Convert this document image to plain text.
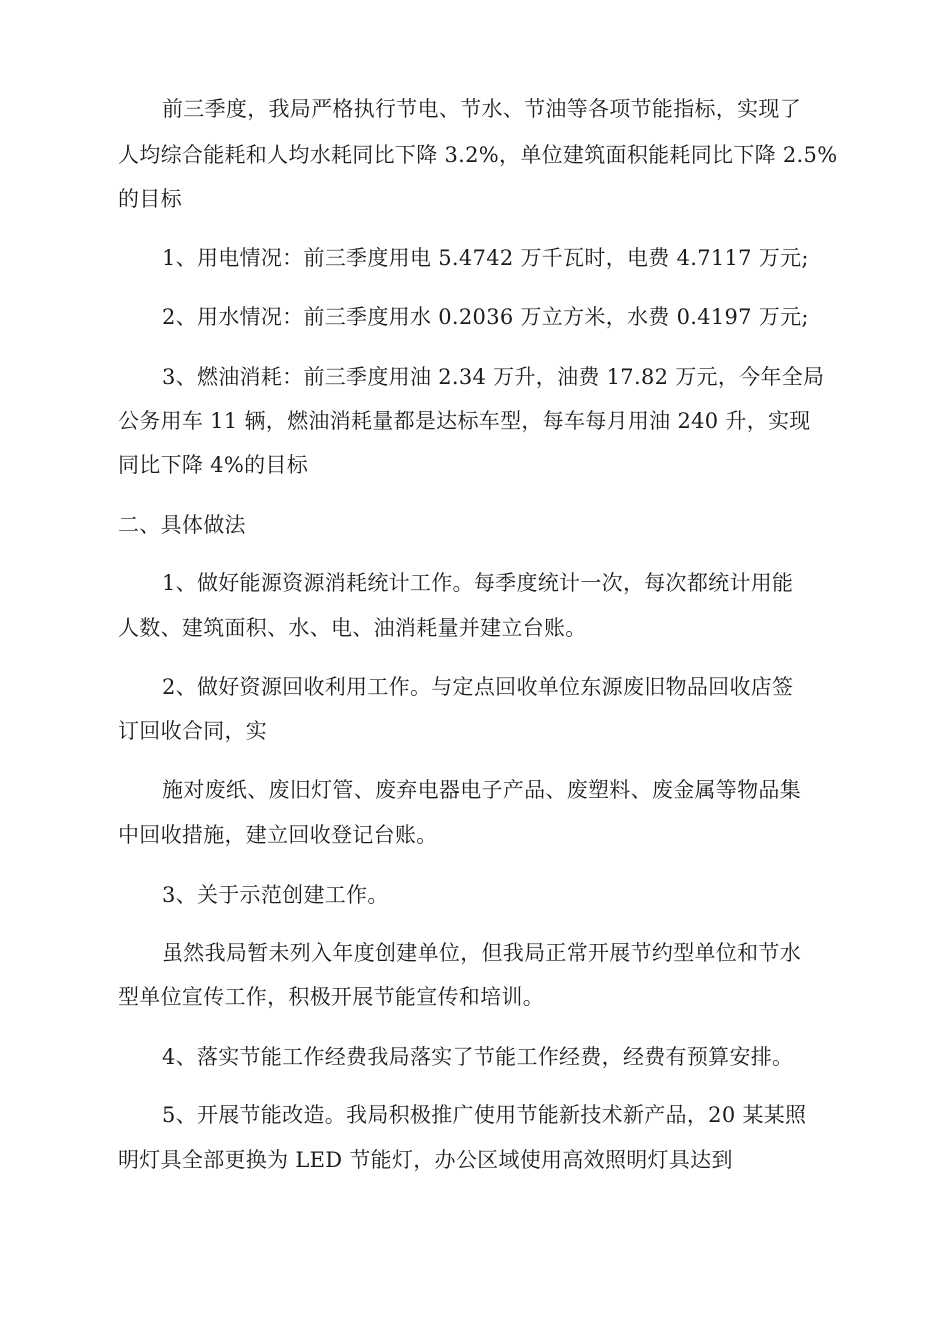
前三季度，我局严格执行节电、节水、节油等各项节能指标，实现了
人均综合能耗和人均水耗同比下降 3.2%，单位建筑面积能耗同比下降 2.5%
的目标
1、用电情况：前三季度用电 5.4742 万千瓦时，电费 4.7117 万元;
2、用水情况：前三季度用水 0.2036 万立方米，水费 0.4197 万元;
3、燃油消耗：前三季度用油 2.34 万升，油费 17.82 万元，今年全局
公务用车 11 辆，燃油消耗量都是达标车型，每车每月用油 240 升，实现
同比下降 4%的目标
二、具体做法
1、做好能源资源消耗统计工作。每季度统计一次，每次都统计用能
人数、建筑面积、水、电、油消耗量并建立台账。
2、做好资源回收利用工作。与定点回收单位东源废旧物品回收店签
订回收合同，实
施对废纸、废旧灯管、废弃电器电子产品、废塑料、废金属等物品集
中回收措施，建立回收登记台账。
3、关于示范创建工作。
虽然我局暂未列入年度创建单位，但我局正常开展节约型单位和节水
型单位宣传工作，积极开展节能宣传和培训。
4、落实节能工作经费我局落实了节能工作经费，经费有预算安排。
5、开展节能改造。我局积极推广使用节能新技术新产品，20 某某照
明灯具全部更换为 LED 节能灯，办公区域使用高效照明灯具达到
